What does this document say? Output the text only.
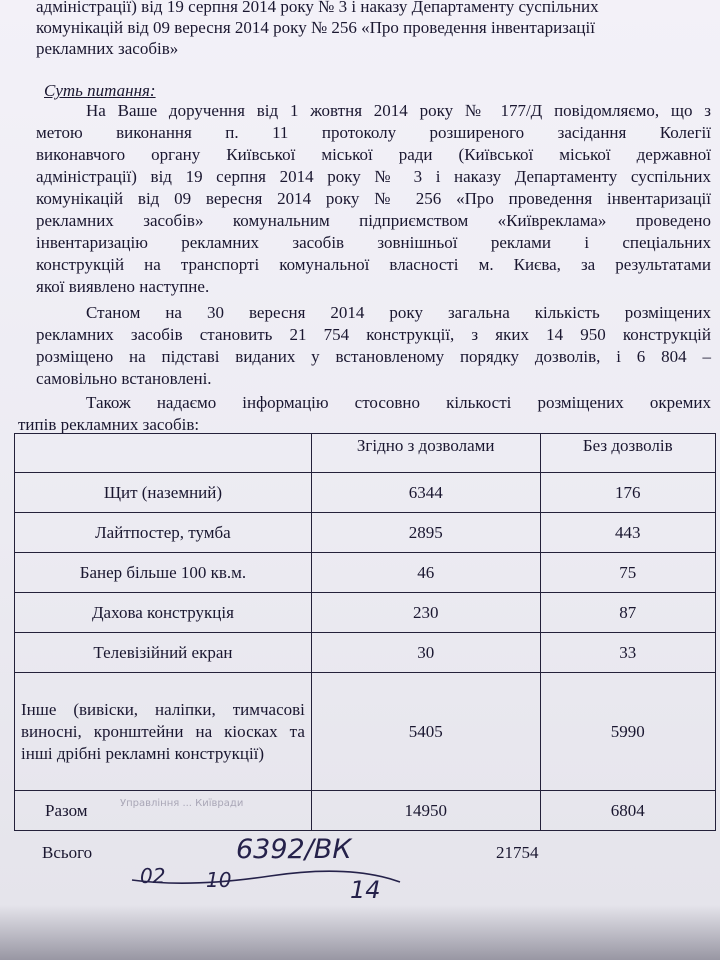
адміністрації) від 19 серпня 2014 року № 3 і наказу Департаменту суспільних

комунікацій від 09 вересня 2014 року № 256 «Про проведення інвентаризації

рекламних засобів»

Суть питання:

На Ваше доручення від 1 жовтня 2014 року № 177/Д повідомляємо, що з

метою виконання п. 11 протоколу розширеного засідання Колегії

виконавчого органу Київської міської ради (Київської міської державної

адміністрації) від 19 серпня 2014 року № 3 і наказу Департаменту суспільних

комунікацій від 09 вересня 2014 року № 256 «Про проведення інвентаризації

рекламних засобів» комунальним підприємством «Київреклама» проведено

інвентаризацію рекламних засобів зовнішньої реклами і спеціальних

конструкцій на транспорті комунальної власності м. Києва, за результатами

якої виявлено наступне.

Станом на 30 вересня 2014 року загальна кількість розміщених

рекламних засобів становить 21 754 конструкції, з яких 14 950 конструкцій

розміщено на підставі виданих у встановленому порядку дозволів, і 6 804 –

самовільно встановлені.

Також надаємо інформацію стосовно кількості розміщених окремих

типів рекламних засобів:

	Згідно з дозволами	Без дозволів
Щит (наземний)	6344	176
Лайтпостер, тумба	2895	443
Банер більше 100 кв.м.	46	75
Дахова конструкція	230	87
Телевізійний екран	30	33
Інше (вивіски, наліпки, тимчасові виносні, кронштейни на кіосках та інші дрібні рекламні конструкції)	5405	5990
Разом	14950	6804
Всього	21754
Управління ... Київради
6392/ВК
02 10	14
